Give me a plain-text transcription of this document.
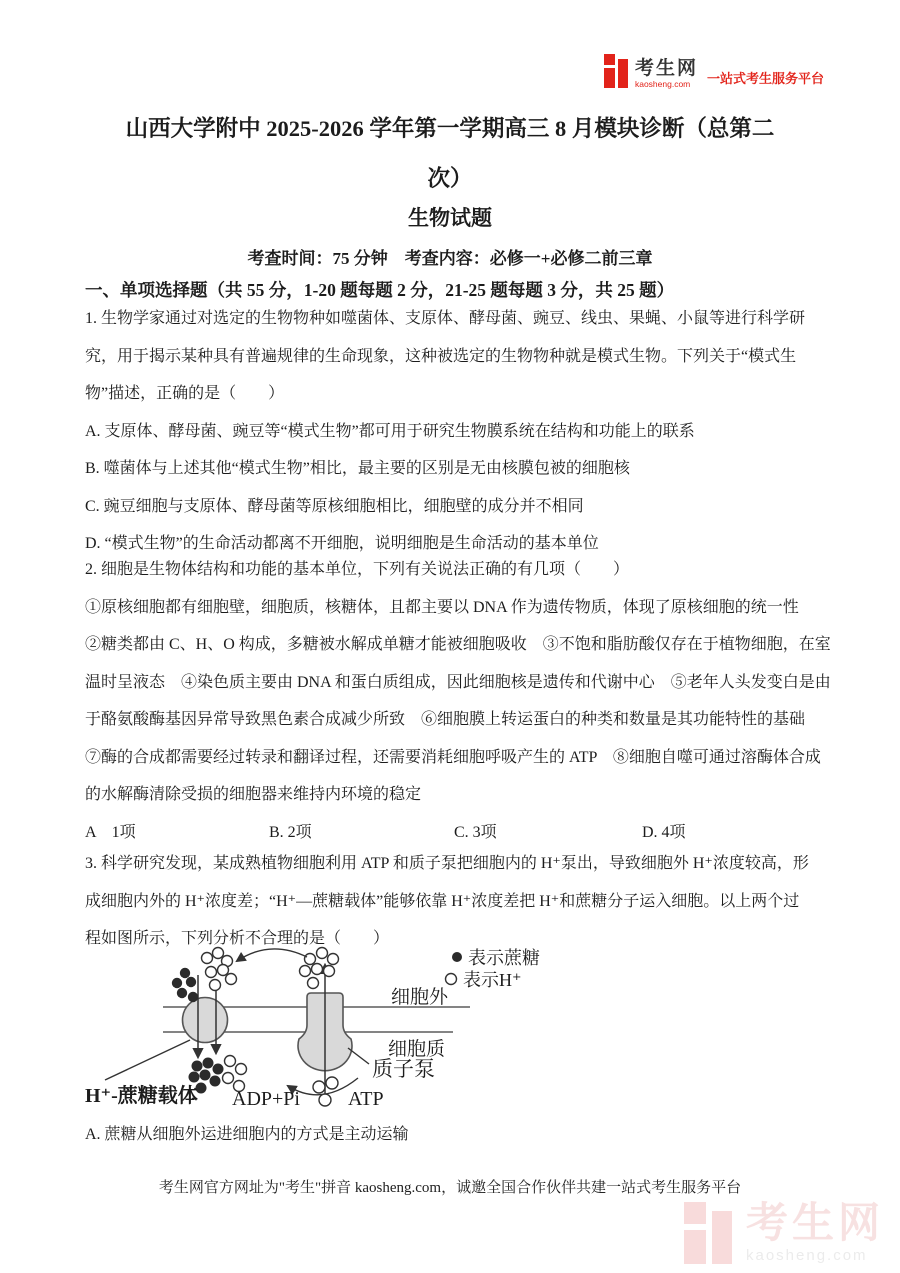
考生网
kaosheng.com	一站式考生服务平台
山西大学附中 2025-2026 学年第一学期高三 8 月模块诊断（总第二
次）
生物试题
考查时间：75 分钟　考查内容：必修一+必修二前三章
一、单项选择题（共 55 分，1-20 题每题 2 分，21-25 题每题 3 分，共 25 题）
1. 生物学家通过对选定的生物物种如噬菌体、支原体、酵母菌、豌豆、线虫、果蝇、小鼠等进行科学研
究，用于揭示某种具有普遍规律的生命现象，这种被选定的生物物种就是模式生物。下列关于“模式生
物”描述，正确的是（　　）
A. 支原体、酵母菌、豌豆等“模式生物”都可用于研究生物膜系统在结构和功能上的联系
B. 噬菌体与上述其他“模式生物”相比，最主要的区别是无由核膜包被的细胞核
C. 豌豆细胞与支原体、酵母菌等原核细胞相比，细胞壁的成分并不相同
D. “模式生物”的生命活动都离不开细胞，说明细胞是生命活动的基本单位
2. 细胞是生物体结构和功能的基本单位，下列有关说法正确的有几项（　　）
①原核细胞都有细胞壁，细胞质，核糖体，且都主要以 DNA 作为遗传物质，体现了原核细胞的统一性
②糖类都由 C、H、O 构成，多糖被水解成单糖才能被细胞吸收　③不饱和脂肪酸仅存在于植物细胞，在室
温时呈液态　④染色质主要由 DNA 和蛋白质组成，因此细胞核是遗传和代谢中心　⑤老年人头发变白是由
于酪氨酸酶基因异常导致黑色素合成减少所致　⑥细胞膜上转运蛋白的种类和数量是其功能特性的基础
⑦酶的合成都需要经过转录和翻译过程，还需要消耗细胞呼吸产生的 ATP　⑧细胞自噬可通过溶酶体合成
的水解酶清除受损的细胞器来维持内环境的稳定
A　1项	B. 2项	C. 3项	D. 4项
3. 科学研究发现，某成熟植物细胞利用 ATP 和质子泵把细胞内的 H⁺泵出，导致细胞外 H⁺浓度较高，形
成细胞内外的 H⁺浓度差；“H⁺—蔗糖载体”能够依靠 H⁺浓度差把 H⁺和蔗糖分子运入细胞。以上两个过
程如图所示，下列分析不合理的是（　　）
表示蔗糖
表示H⁺
细胞外
细胞质
质子泵
H⁺-蔗糖载体 ADP+Pi ATP
A. 蔗糖从细胞外运进细胞内的方式是主动运输
考生网官方网址为"考生"拼音 kaosheng.com，诚邀全国合作伙伴共建一站式考生服务平台
考生网
kaosheng.com
